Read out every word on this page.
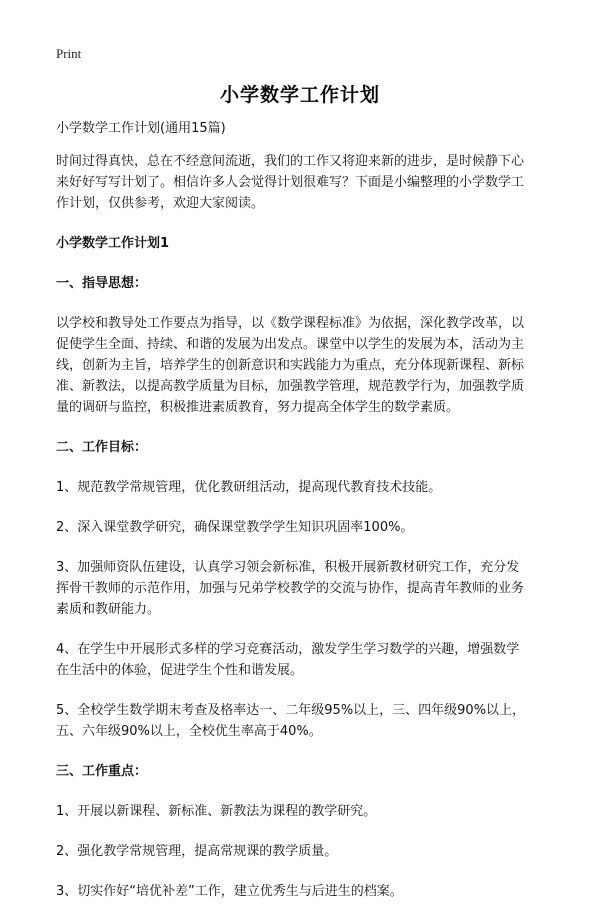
Print
小学数学工作计划
小学数学工作计划(通用15篇)
时间过得真快，总在不经意间流逝，我们的工作又将迎来新的进步，是时候静下心
来好好写写计划了。相信许多人会觉得计划很难写？下面是小编整理的小学数学工
作计划，仅供参考，欢迎大家阅读。
小学数学工作计划1
一、指导思想：
以学校和教导处工作要点为指导，以《数学课程标准》为依据，深化教学改革，以
促使学生全面、持续、和谐的发展为出发点。课堂中以学生的发展为本，活动为主
线，创新为主旨，培养学生的创新意识和实践能力为重点，充分体现新课程、新标
准、新教法，以提高教学质量为目标，加强教学管理，规范教学行为，加强教学质
量的调研与监控，积极推进素质教育，努力提高全体学生的数学素质。
二、工作目标：
1、规范教学常规管理，优化教研组活动，提高现代教育技术技能。
2、深入课堂教学研究，确保课堂教学学生知识巩固率100%。
3、加强师资队伍建设，认真学习领会新标准，积极开展新教材研究工作，充分发
挥骨干教师的示范作用，加强与兄弟学校教学的交流与协作，提高青年教师的业务
素质和教研能力。
4、在学生中开展形式多样的学习竞赛活动，激发学生学习数学的兴趣，增强数学
在生活中的体验，促进学生个性和谐发展。
5、全校学生数学期末考查及格率达一、二年级95%以上，三、四年级90%以上，
五、六年级90%以上，全校优生率高于40%。
三、工作重点：
1、开展以新课程、新标准、新教法为课程的教学研究。
2、强化教学常规管理，提高常规课的教学质量。
3、切实作好“培优补差”工作，建立优秀生与后进生的档案。
